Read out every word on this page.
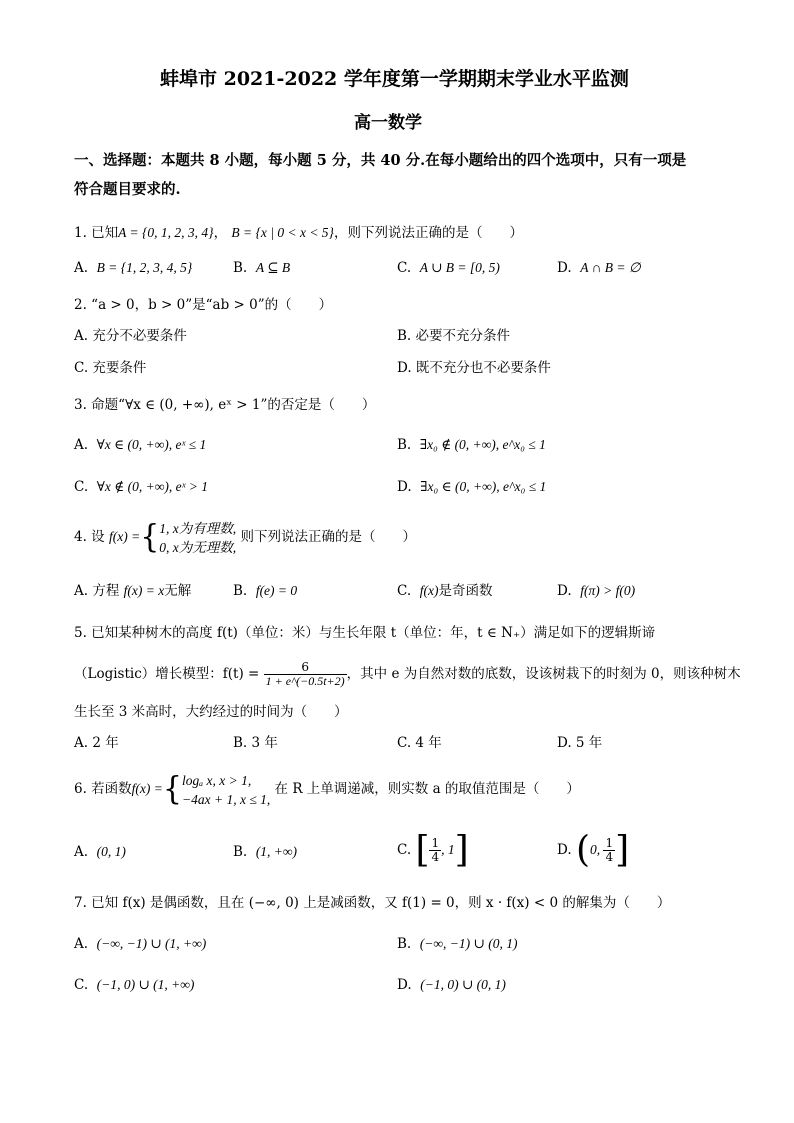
蚌埠市 2021-2022 学年度第一学期期末学业水平监测
高一数学
一、选择题：本题共 8 小题，每小题 5 分，共 40 分.在每小题给出的四个选项中，只有一项是
符合题目要求的.
1. 已知A = {0, 1, 2, 3, 4}， B = {x | 0 < x < 5}，则下列说法正确的是（　　）
A. B = {1, 2, 3, 4, 5}	B. A ⊆ B	C. A ∪ B = [0, 5)	D. A ∩ B = ∅
2. “a > 0，b > 0”是“ab > 0”的（　　）
A. 充分不必要条件	B. 必要不充分条件
C. 充要条件	D. 既不充分也不必要条件
3. 命题“∀x ∈ (0, +∞), eˣ > 1”的否定是（　　）
A. ∀x ∈ (0, +∞), eˣ ≤ 1	B. ∃x₀ ∉ (0, +∞), e^x₀ ≤ 1
C. ∀x ∉ (0, +∞), eˣ > 1	D. ∃x₀ ∈ (0, +∞), e^x₀ ≤ 1
4. 设 f(x) ={ 1, x为有理数,
0, x为无理数,
则下列说法正确的是（　　）
A. 方程 f(x) = x无解	B. f(e) = 0	C. f(x)是奇函数	D. f(π) > f(0)
5. 已知某种树木的高度 f(t)（单位：米）与生长年限 t（单位：年，t ∈ N₊）满足如下的逻辑斯谛
（Logistic）增长模型：$f(t) = \frac{6}{1 + e\^{}(-0.5t+2)}$ ，其中 e 为自然对数的底数，设该树栽下的时刻为 0，则该种树木
生长至 3 米高时，大约经过的时间为（　　）
A. 2 年	B. 3 年	C. 4 年	D. 5 年
6. 若函数f(x) ={ logₐ x, x > 1,
−4ax + 1, x ≤ 1,
在 R 上单调递减，则实数 a 的取值范围是（　　）
A. (0, 1)	B. (1, +∞)	C. [ $\frac{1}{4}$ , 1]	D. (0, $\frac{1}{4}$ ]
7. 已知 f(x) 是偶函数，且在 (−∞, 0) 上是减函数，又 f(1) = 0，则 x · f(x) < 0 的解集为（　　）
A. (−∞, −1) ∪ (1, +∞)	B. (−∞, −1) ∪ (0, 1)
C. (−1, 0) ∪ (1, +∞)	D. (−1, 0) ∪ (0, 1)
